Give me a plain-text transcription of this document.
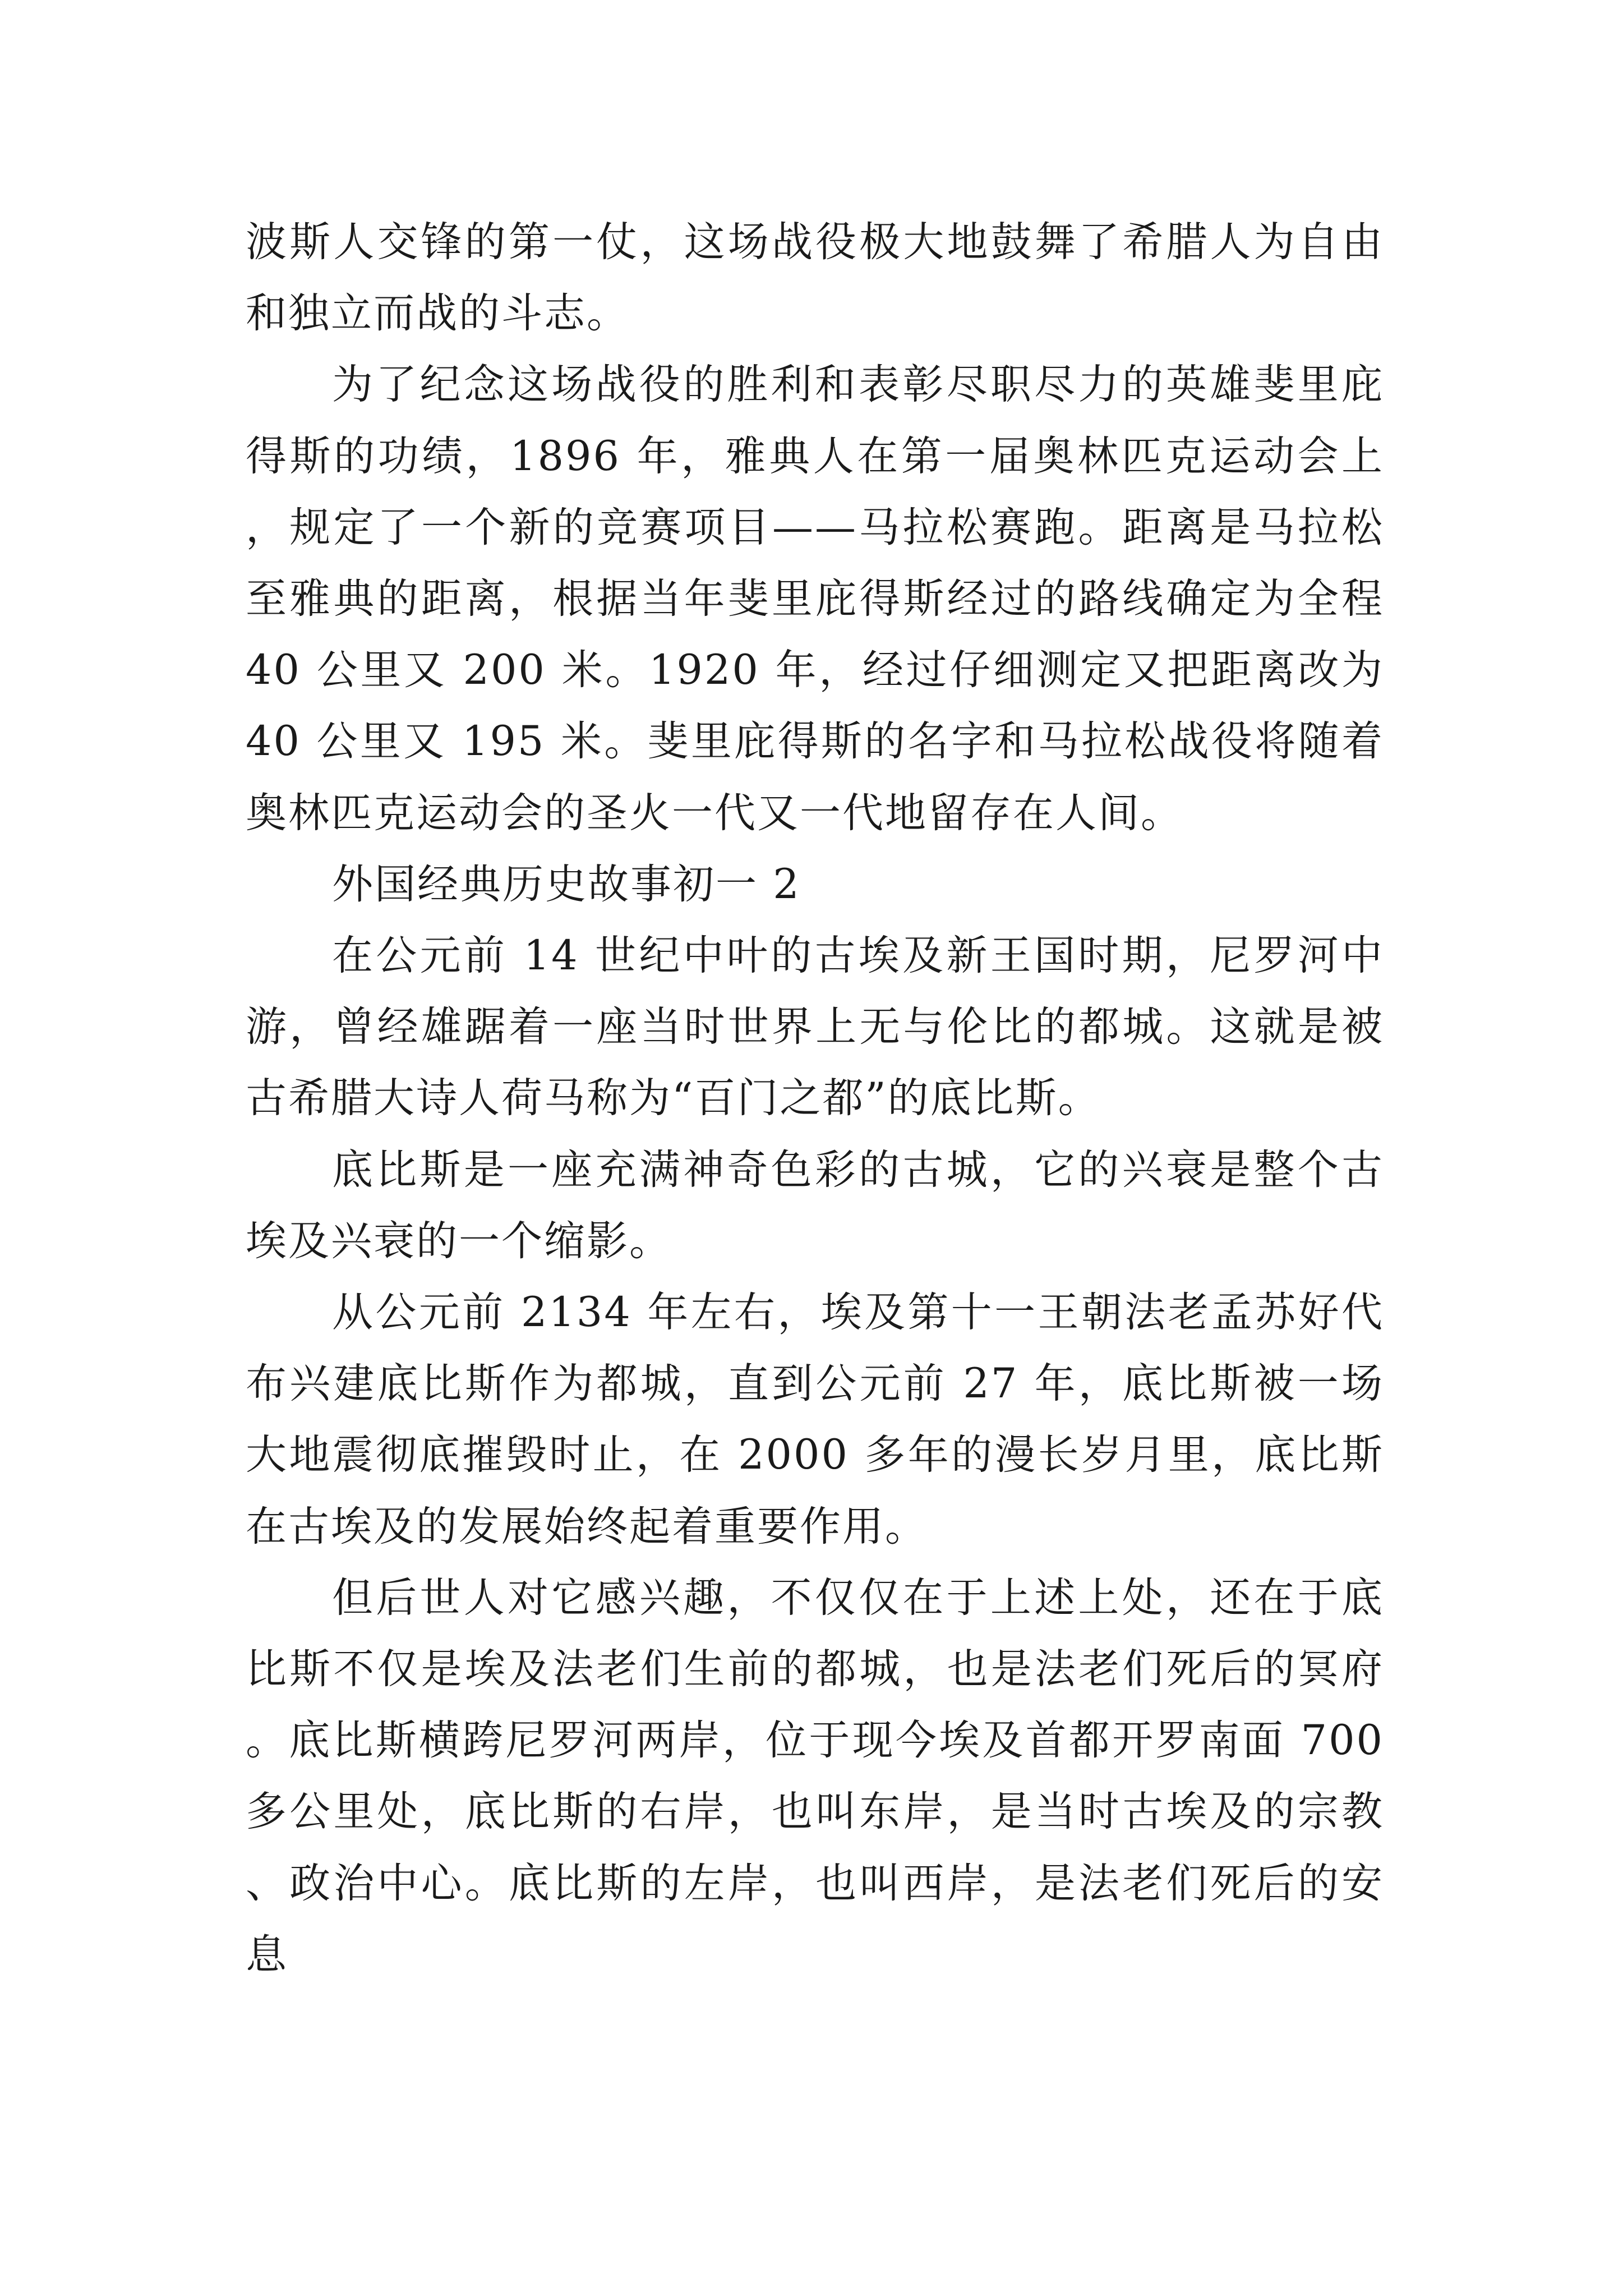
波斯人交锋的第一仗，这场战役极大地鼓舞了希腊人为自由和独立而战的斗志。

为了纪念这场战役的胜利和表彰尽职尽力的英雄斐里庇得斯的功绩，1896 年，雅典人在第一届奥林匹克运动会上，规定了一个新的竞赛项目——马拉松赛跑。距离是马拉松至雅典的距离，根据当年斐里庇得斯经过的路线确定为全程 40 公里又 200 米。1920 年，经过仔细测定又把距离改为 40 公里又 195 米。斐里庇得斯的名字和马拉松战役将随着奥林匹克运动会的圣火一代又一代地留存在人间。

外国经典历史故事初一 2

在公元前 14 世纪中叶的古埃及新王国时期，尼罗河中游，曾经雄踞着一座当时世界上无与伦比的都城。这就是被古希腊大诗人荷马称为“百门之都”的底比斯。

底比斯是一座充满神奇色彩的古城，它的兴衰是整个古埃及兴衰的一个缩影。

从公元前 2134 年左右，埃及第十一王朝法老孟苏好代布兴建底比斯作为都城，直到公元前 27 年，底比斯被一场大地震彻底摧毁时止，在 2000 多年的漫长岁月里，底比斯在古埃及的发展始终起着重要作用。

但后世人对它感兴趣，不仅仅在于上述上处，还在于底比斯不仅是埃及法老们生前的都城，也是法老们死后的冥府。底比斯横跨尼罗河两岸，位于现今埃及首都开罗南面 700 多公里处，底比斯的右岸，也叫东岸，是当时古埃及的宗教、政治中心。底比斯的左岸，也叫西岸，是法老们死后的安息
